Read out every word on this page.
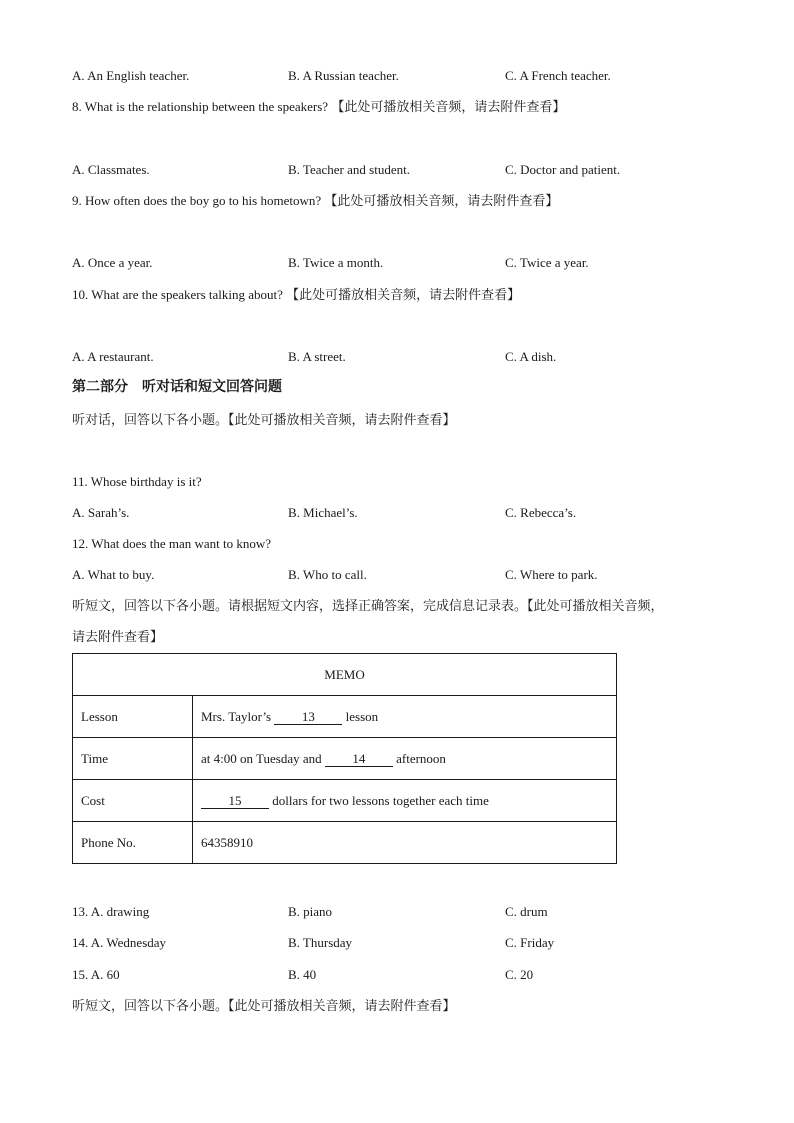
A. An English teacher.	B. A Russian teacher.	C. A French teacher.
8. What is the relationship between the speakers? 【此处可播放相关音频，请去附件查看】
A. Classmates.	B. Teacher and student.	C. Doctor and patient.
9. How often does the boy go to his hometown? 【此处可播放相关音频，请去附件查看】
A. Once a year.	B. Twice a month.	C. Twice a year.
10. What are the speakers talking about? 【此处可播放相关音频，请去附件查看】
A. A restaurant.	B. A street.	C. A dish.
第二部分　听对话和短文回答问题
听对话，回答以下各小题。【此处可播放相关音频，请去附件查看】
11. Whose birthday is it?
A. Sarah’s.	B. Michael’s.	C. Rebecca’s.
12. What does the man want to know?
A. What to buy.	B. Who to call.	C. Where to park.
听短文，回答以下各小题。请根据短文内容，选择正确答案，完成信息记录表。【此处可播放相关音频，
请去附件查看】
MEMO	
Lesson	Mrs. Taylor’s 13 lesson
Time	at 4:00 on Tuesday and 14 afternoon
Cost	15 dollars for two lessons together each time
Phone No.	64358910
13. A. drawing	B. piano	C. drum
14. A. Wednesday	B. Thursday	C. Friday
15. A. 60	B. 40	C. 20
听短文，回答以下各小题。【此处可播放相关音频，请去附件查看】
